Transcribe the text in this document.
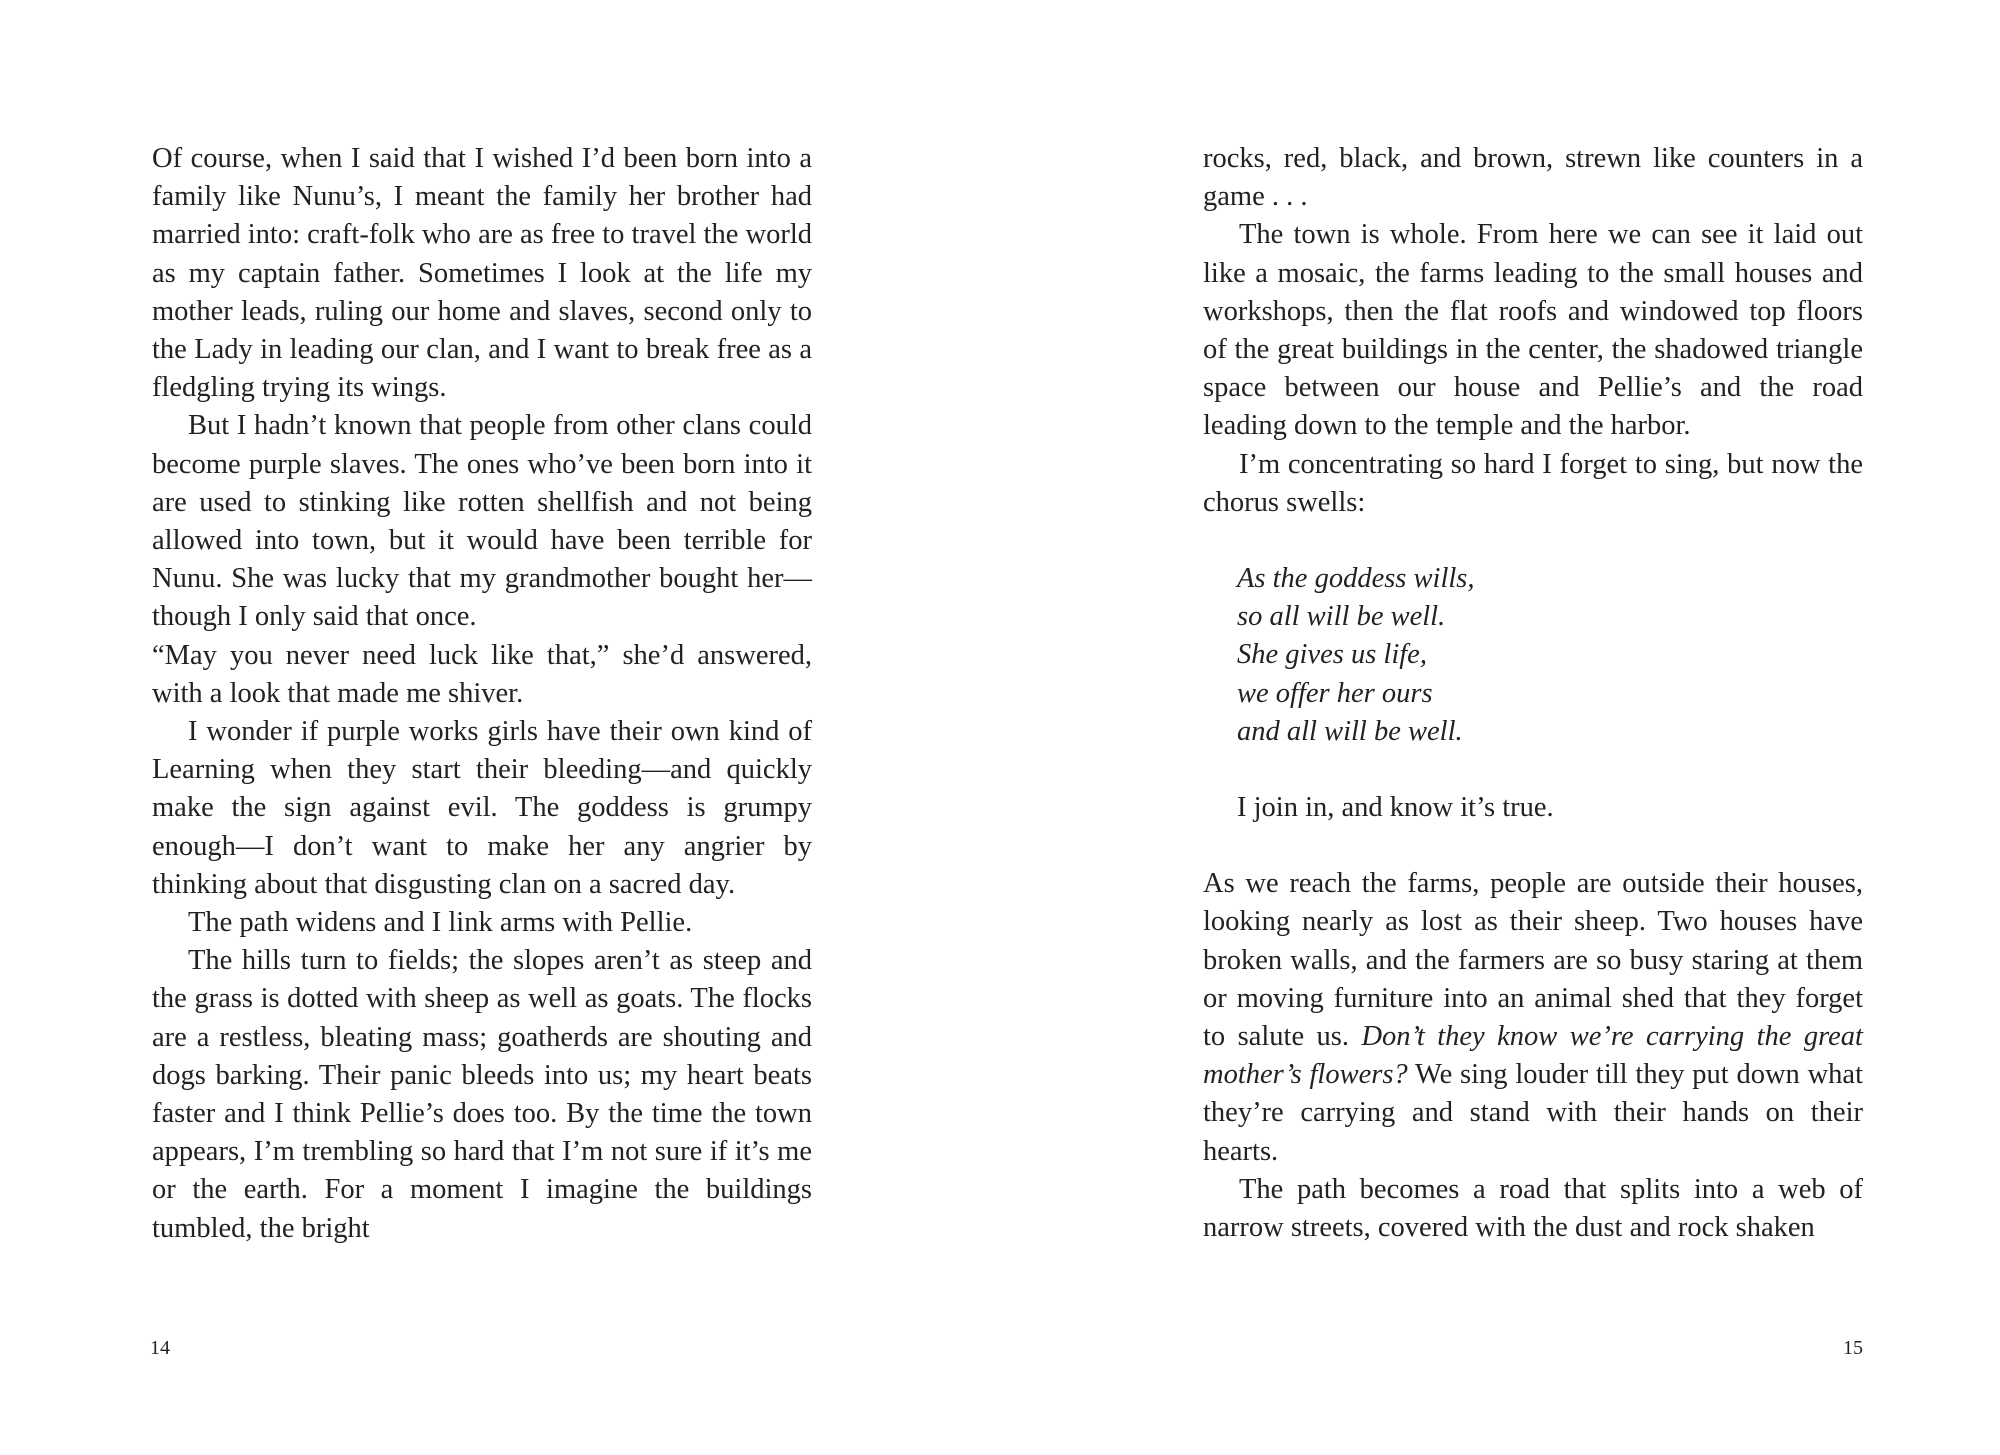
Of course, when I said that I wished I’d been born into a family like Nunu’s, I meant the family her brother had married into: craft-folk who are as free to travel the world as my captain father. Sometimes I look at the life my mother leads, ruling our home and slaves, second only to the Lady in leading our clan, and I want to break free as a fledgling trying its wings.

But I hadn’t known that people from other clans could become purple slaves. The ones who’ve been born into it are used to stinking like rotten shellfish and not being allowed into town, but it would have been terrible for Nunu. She was lucky that my grandmother bought her—though I only said that once.

“May you never need luck like that,” she’d answered, with a look that made me shiver.

I wonder if purple works girls have their own kind of Learning when they start their bleeding—and quickly make the sign against evil. The goddess is grumpy enough—I don’t want to make her any angrier by thinking about that disgusting clan on a sacred day.

The path widens and I link arms with Pellie.

The hills turn to fields; the slopes aren’t as steep and the grass is dotted with sheep as well as goats. The flocks are a restless, bleating mass; goatherds are shouting and dogs barking. Their panic bleeds into us; my heart beats faster and I think Pellie’s does too. By the time the town appears, I’m trembling so hard that I’m not sure if it’s me or the earth. For a moment I imagine the buildings tumbled, the bright

rocks, red, black, and brown, strewn like counters in a game . . .

The town is whole. From here we can see it laid out like a mosaic, the farms leading to the small houses and workshops, then the flat roofs and windowed top floors of the great buildings in the center, the shadowed triangle space between our house and Pellie’s and the road leading down to the temple and the harbor.

I’m concentrating so hard I forget to sing, but now the chorus swells:

As the goddess wills,
so all will be well.
She gives us life,
we offer her ours
and all will be well.

I join in, and know it’s true.

As we reach the farms, people are outside their houses, looking nearly as lost as their sheep. Two houses have broken walls, and the farmers are so busy staring at them or moving furniture into an animal shed that they forget to salute us. Don’t they know we’re carrying the great mother’s flowers? We sing louder till they put down what they’re carrying and stand with their hands on their hearts.

The path becomes a road that splits into a web of narrow streets, covered with the dust and rock shaken

14	15
